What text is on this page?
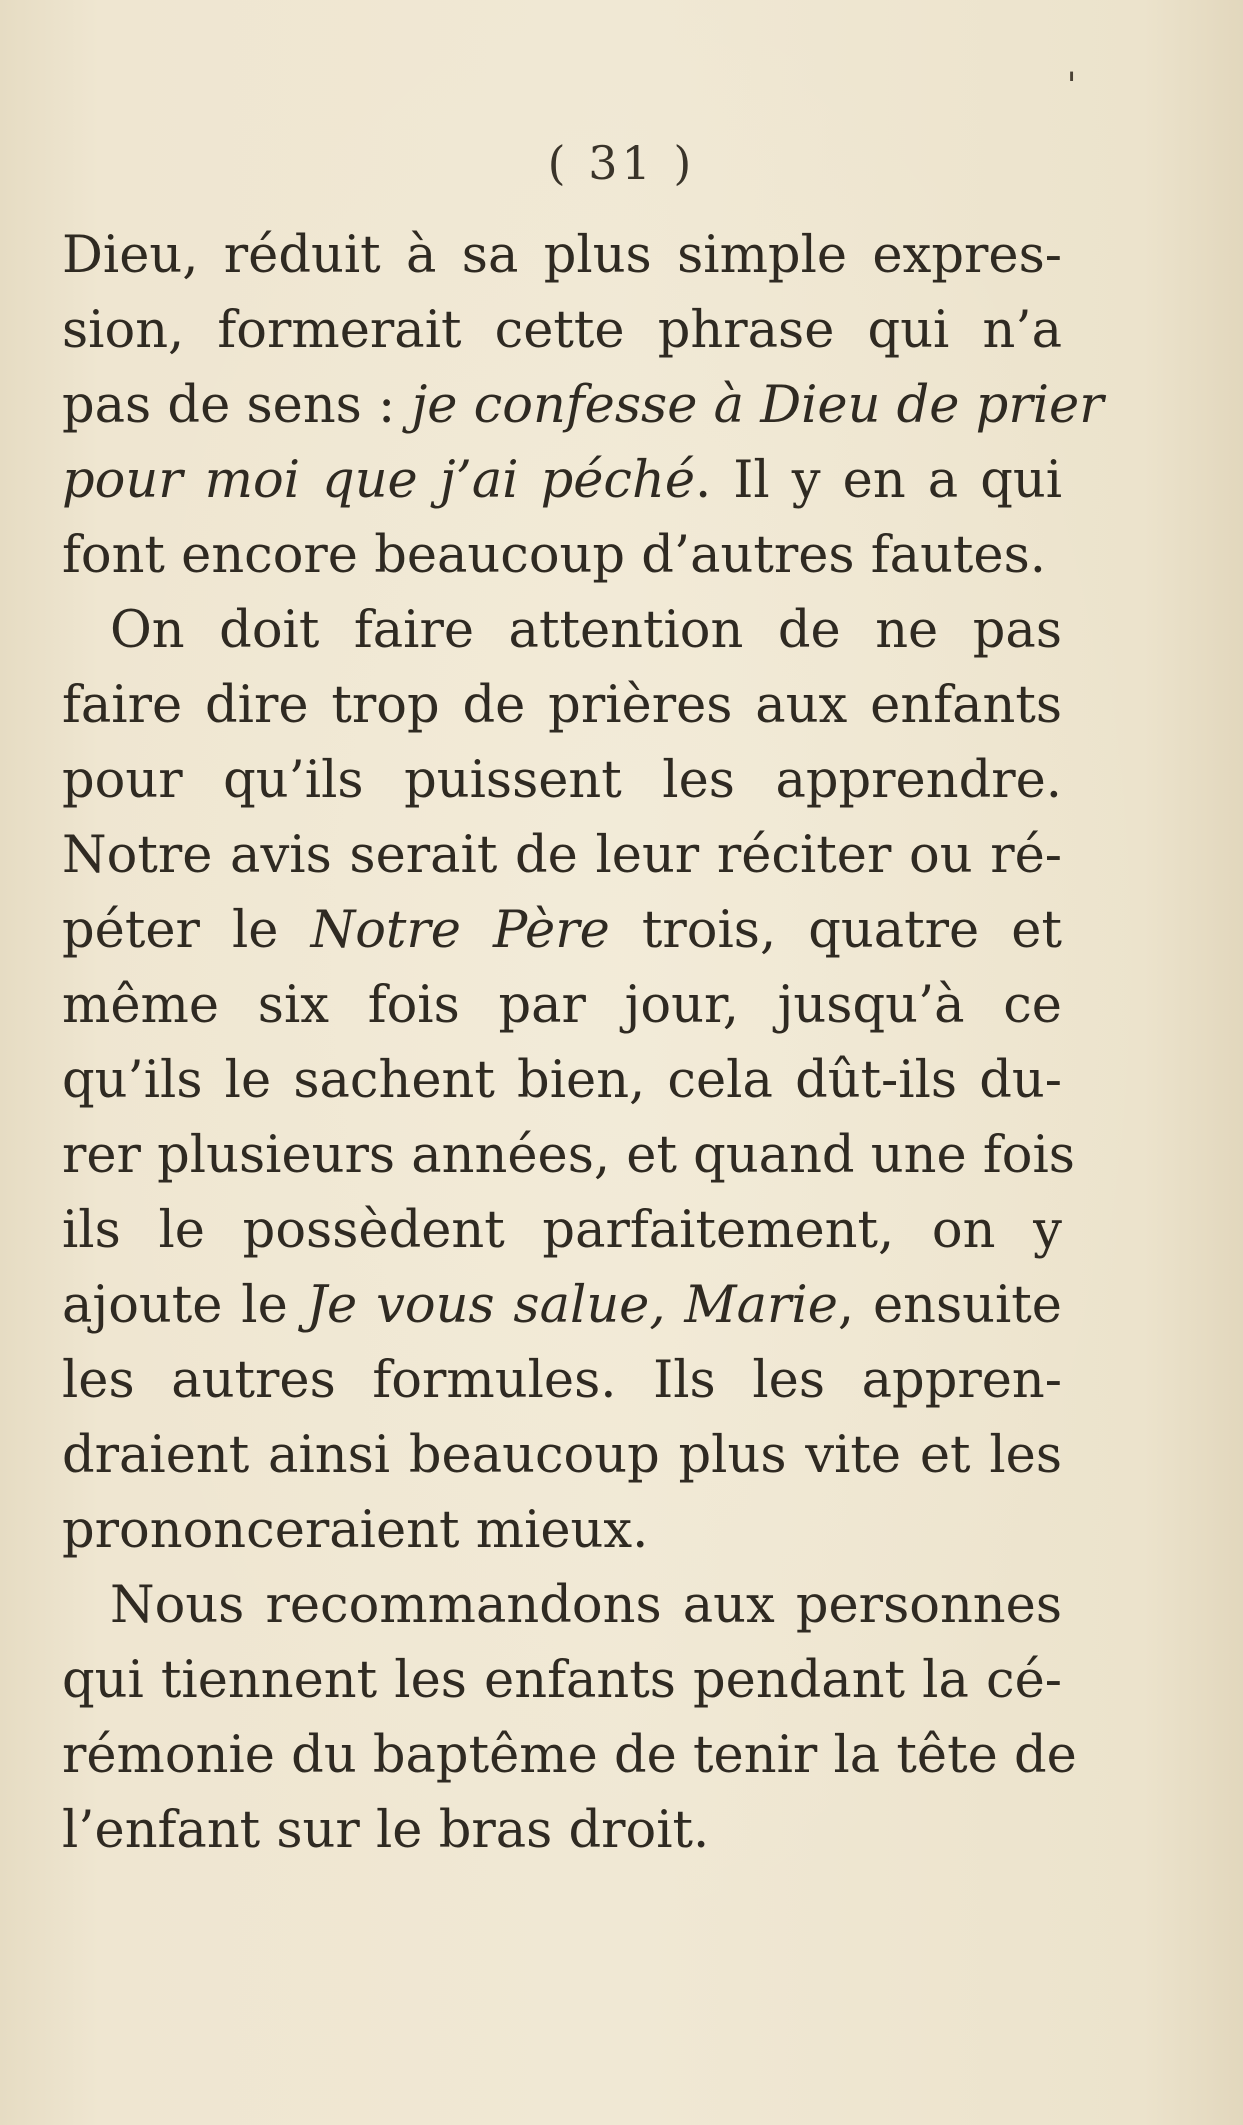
ˈ
( 31 )
Dieu, réduit à sa plus simple expres-
sion, formerait cette phrase qui n’a
pas de sens : je confesse à Dieu de prier
pour moi que j’ai péché. Il y en a qui
font encore beaucoup d’autres fautes.
On doit faire attention de ne pas
faire dire trop de prières aux enfants
pour qu’ils puissent les apprendre.
Notre avis serait de leur réciter ou ré-
péter le Notre Père trois, quatre et
même six fois par jour, jusqu’à ce
qu’ils le sachent bien, cela dût-ils du-
rer plusieurs années, et quand une fois
ils le possèdent parfaitement, on y
ajoute le Je vous salue, Marie, ensuite
les autres formules. Ils les appren-
draient ainsi beaucoup plus vite et les
prononceraient mieux.
Nous recommandons aux personnes
qui tiennent les enfants pendant la cé-
rémonie du baptême de tenir la tête de
l’enfant sur le bras droit.
